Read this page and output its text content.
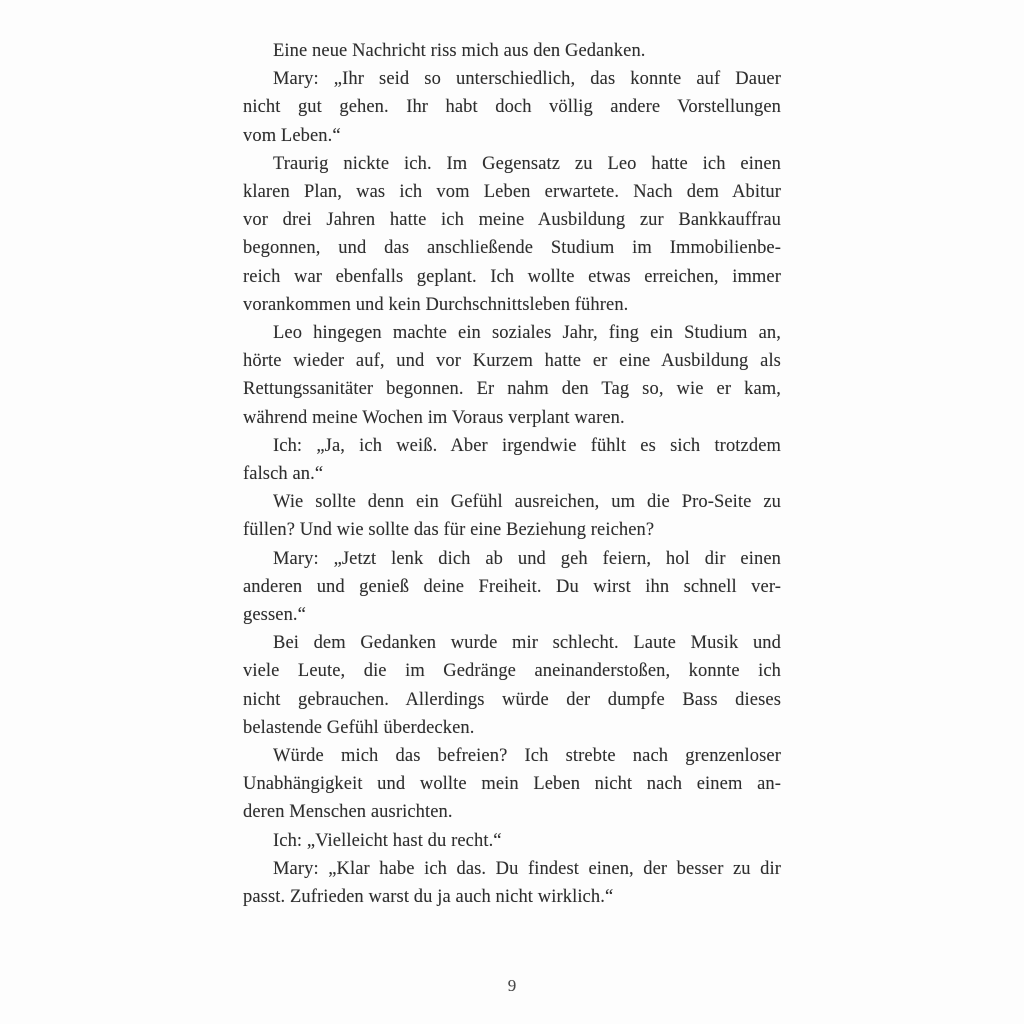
Eine neue Nachricht riss mich aus den Gedanken.

Mary: „Ihr seid so unterschiedlich, das konnte auf Dauer
nicht gut gehen. Ihr habt doch völlig andere Vorstellungen
vom Leben.“

Traurig nickte ich. Im Gegensatz zu Leo hatte ich einen
klaren Plan, was ich vom Leben erwartete. Nach dem Abitur
vor drei Jahren hatte ich meine Ausbildung zur Bankkauffrau
begonnen, und das anschließende Studium im Immobilienbe-
reich war ebenfalls geplant. Ich wollte etwas erreichen, immer
vorankommen und kein Durchschnittsleben führen.

Leo hingegen machte ein soziales Jahr, fing ein Studium an,
hörte wieder auf, und vor Kurzem hatte er eine Ausbildung als
Rettungssanitäter begonnen. Er nahm den Tag so, wie er kam,
während meine Wochen im Voraus verplant waren.

Ich: „Ja, ich weiß. Aber irgendwie fühlt es sich trotzdem
falsch an.“

Wie sollte denn ein Gefühl ausreichen, um die Pro-Seite zu
füllen? Und wie sollte das für eine Beziehung reichen?

Mary: „Jetzt lenk dich ab und geh feiern, hol dir einen
anderen und genieß deine Freiheit. Du wirst ihn schnell ver-
gessen.“

Bei dem Gedanken wurde mir schlecht. Laute Musik und
viele Leute, die im Gedränge aneinanderstoßen, konnte ich
nicht gebrauchen. Allerdings würde der dumpfe Bass dieses
belastende Gefühl überdecken.

Würde mich das befreien? Ich strebte nach grenzenloser
Unabhängigkeit und wollte mein Leben nicht nach einem an-
deren Menschen ausrichten.

Ich: „Vielleicht hast du recht.“

Mary: „Klar habe ich das. Du findest einen, der besser zu dir
passt. Zufrieden warst du ja auch nicht wirklich.“

9
